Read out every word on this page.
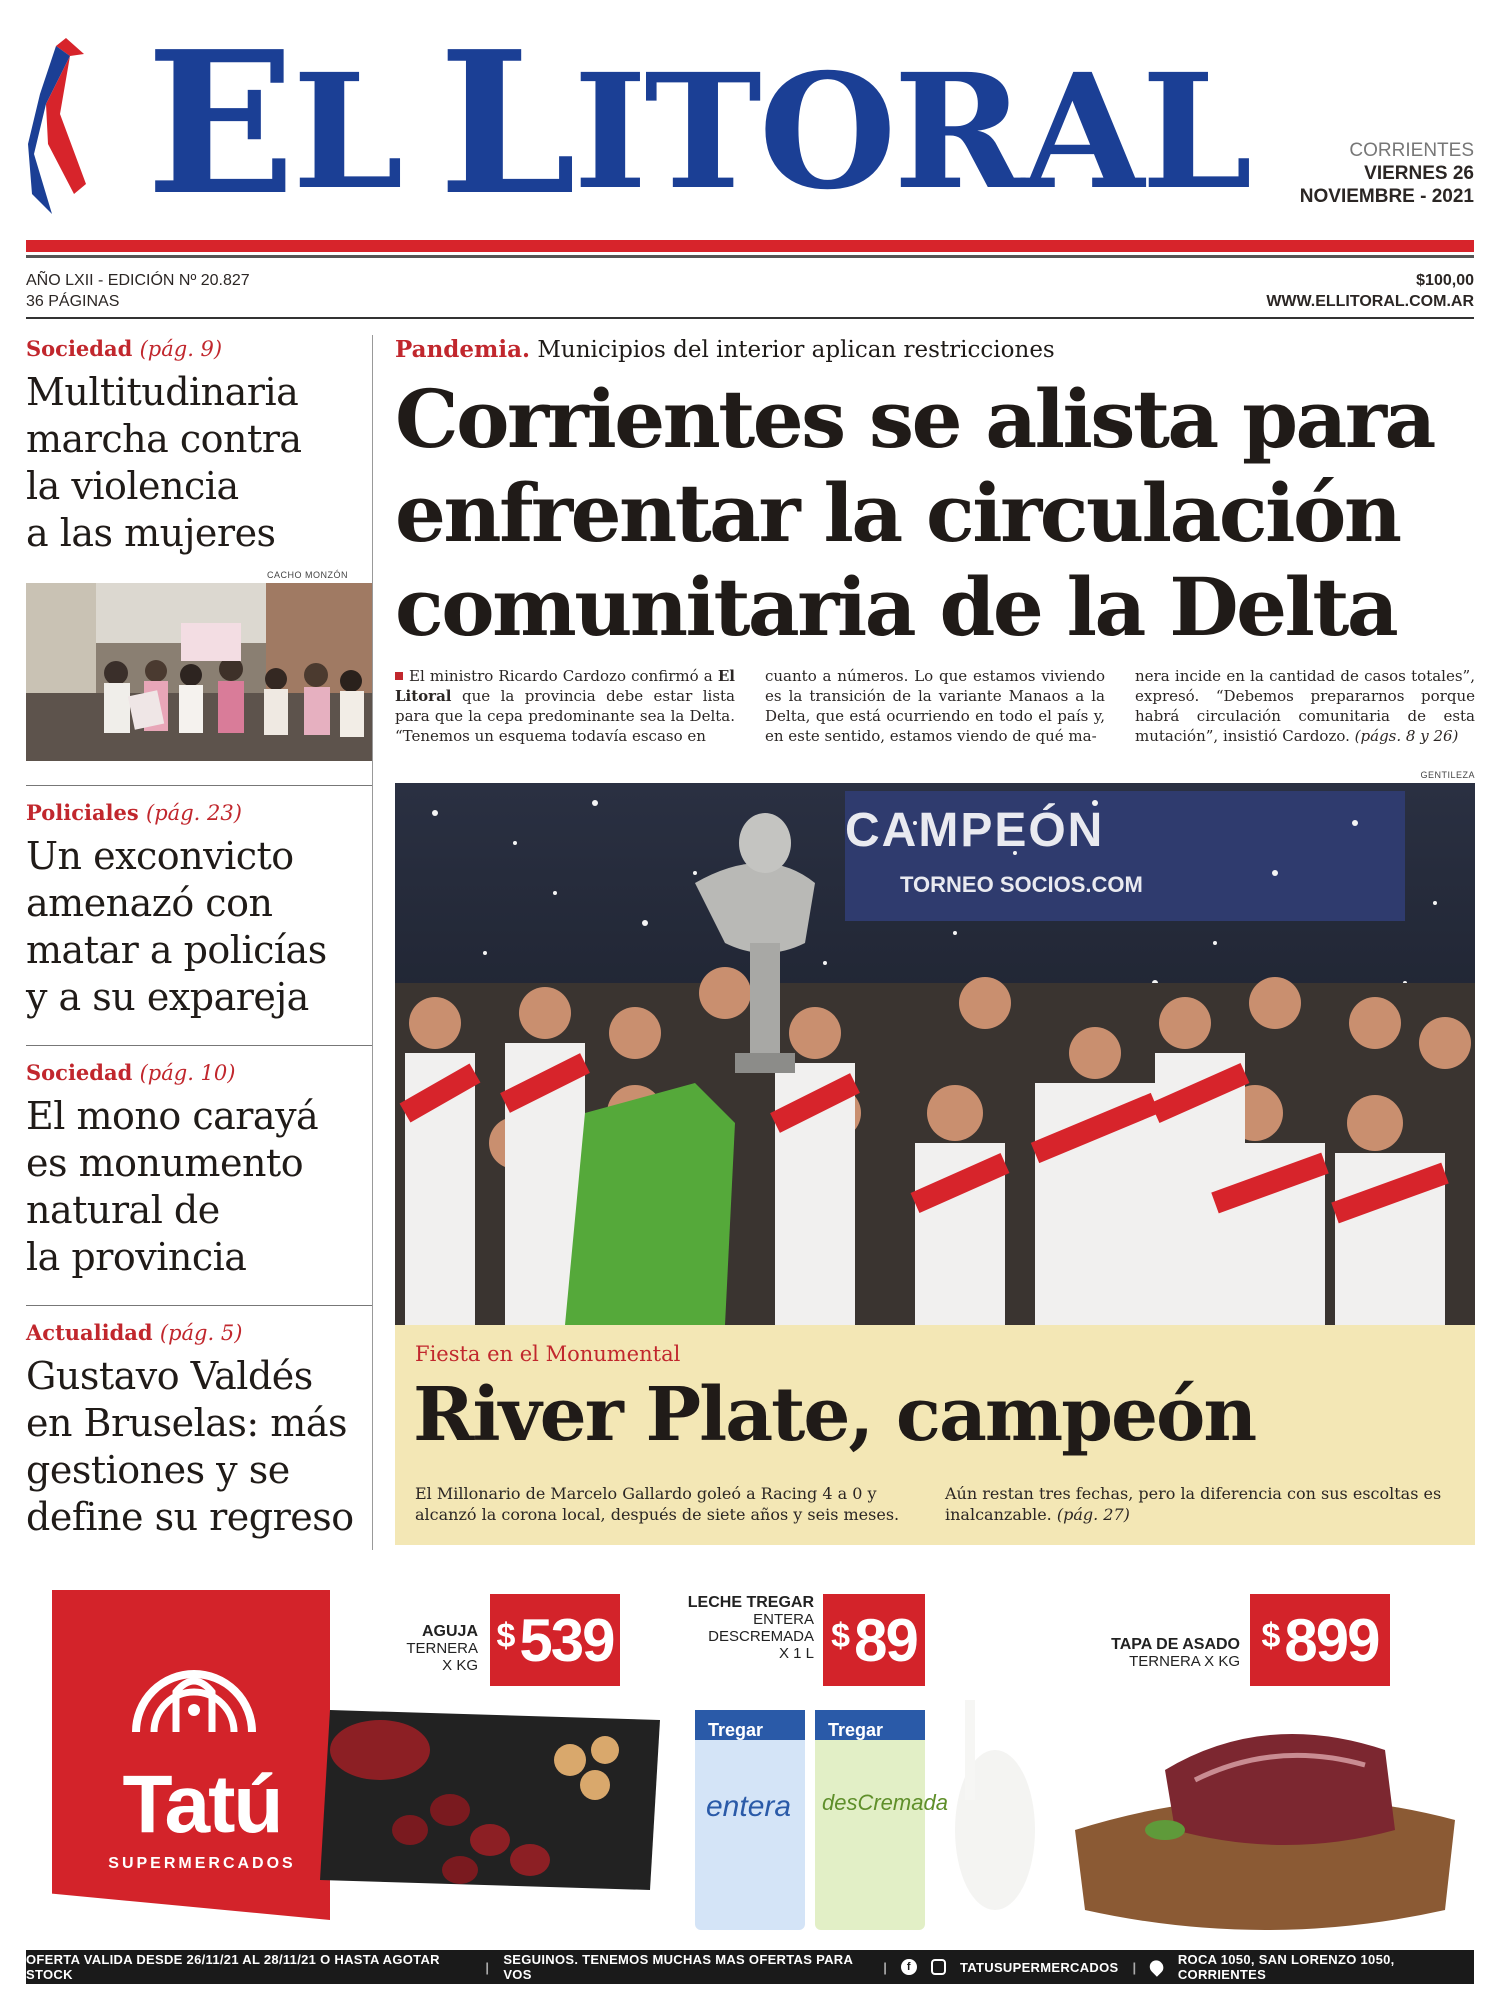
E L L ITORAL	CORRIENTES
VIERNES 26
NOVIEMBRE - 2021
AÑO LXII - EDICIÓN Nº 20.827
36 PÁGINAS
$100,00
WWW.ELLITORAL.COM.AR
Sociedad (pág. 9)
Multitudinaria
marcha contra
la violencia
a las mujeres
CACHO MONZÓN
Policiales (pág. 23)
Un exconvicto
amenazó con
matar a policías
y a su expareja
Sociedad (pág. 10)
El mono carayá
es monumento
natural de
la provincia
Actualidad (pág. 5)
Gustavo Valdés
en Bruselas: más
gestiones y se
define su regreso
Pandemia. Municipios del interior aplican restricciones
Corrientes se alista para
enfrentar la circulación
comunitaria de la Delta
El ministro Ricardo Cardozo confirmó a El Litoral que la provincia debe estar lista para que la cepa predominante sea la Delta. “Tenemos un esquema todavía escaso en
cuanto a números. Lo que estamos viviendo es la transición de la variante Manaos a la Delta, que está ocurriendo en todo el país y, en este sentido, estamos viendo de qué ma-
nera incide en la cantidad de casos totales”, expresó. “Debemos prepararnos porque habrá circulación comunitaria de esta mutación”, insistió Cardozo. (págs. 8 y 26)
GENTILEZA
CAMPEÓN
TORNEO SOCIOS.COM
Fiesta en el Monumental
River Plate, campeón
El Millonario de Marcelo Gallardo goleó a Racing 4 a 0 y alcanzó la corona local, después de siete años y seis meses.
Aún restan tres fechas, pero la diferencia con sus escoltas es inalcanzable. (pág. 27)
Tatú
SUPERMERCADOS
AGUJA
TERNERA
X KG
$ 539
LECHE TREGAR
ENTERA
DESCREMADA
X 1 L $ 89
Tregar
entera
Tregar
desCremada
TAPA DE ASADO
TERNERA X KG
$ 899
OFERTA VALIDA DESDE 26/11/21 AL 28/11/21 O HASTA AGOTAR STOCK	| SEGUINOS. TENEMOS MUCHAS MAS OFERTAS PARA VOS	|	f	TATUSUPERMERCADOS |	ROCA 1050, SAN LORENZO 1050, CORRIENTES
